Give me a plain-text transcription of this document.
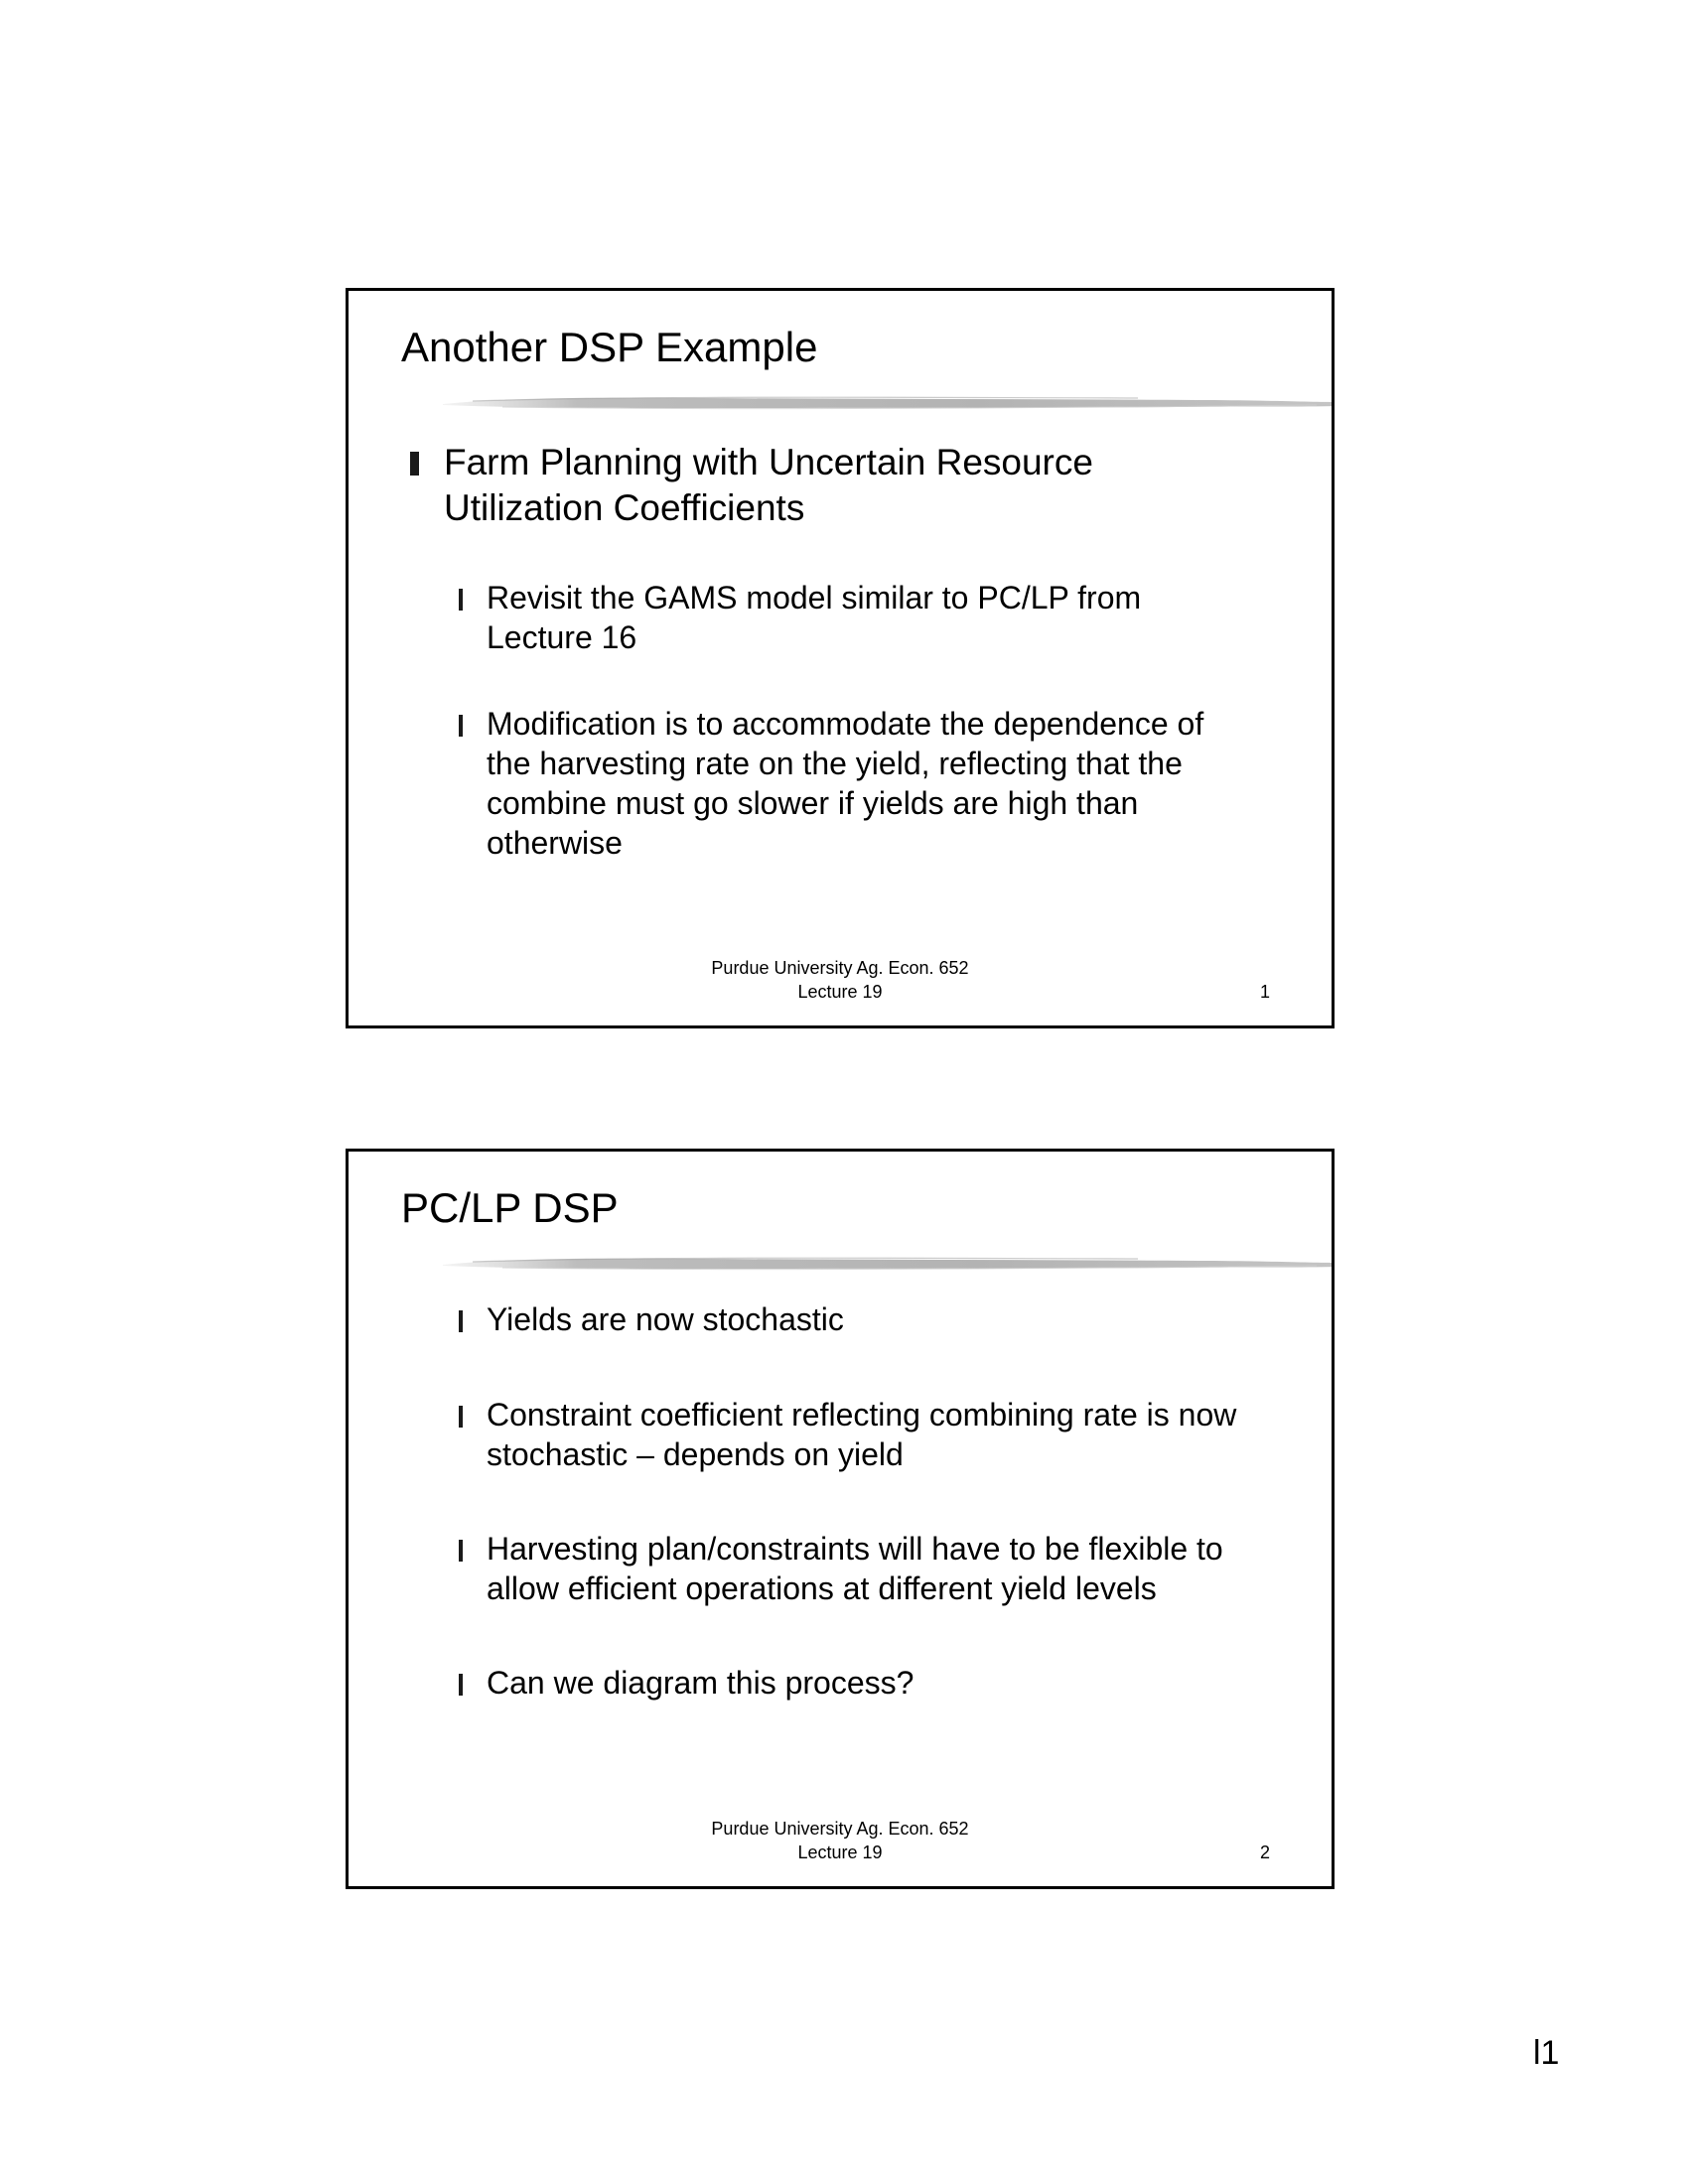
Another DSP Example
Farm Planning with Uncertain Resource
Utilization Coefficients
Revisit the GAMS model similar to PC/LP from
Lecture 16
Modification is to accommodate the dependence of
the harvesting rate on the yield, reflecting that the
combine must go slower if yields are high than
otherwise
Purdue University Ag. Econ. 652
Lecture 19	1
PC/LP DSP
Yields are now stochastic
Constraint coefficient reflecting combining rate is now
stochastic – depends on yield
Harvesting plan/constraints will have to be flexible to
allow efficient operations at different yield levels
Can we diagram this process?
Purdue University Ag. Econ. 652
Lecture 19	2
l1
